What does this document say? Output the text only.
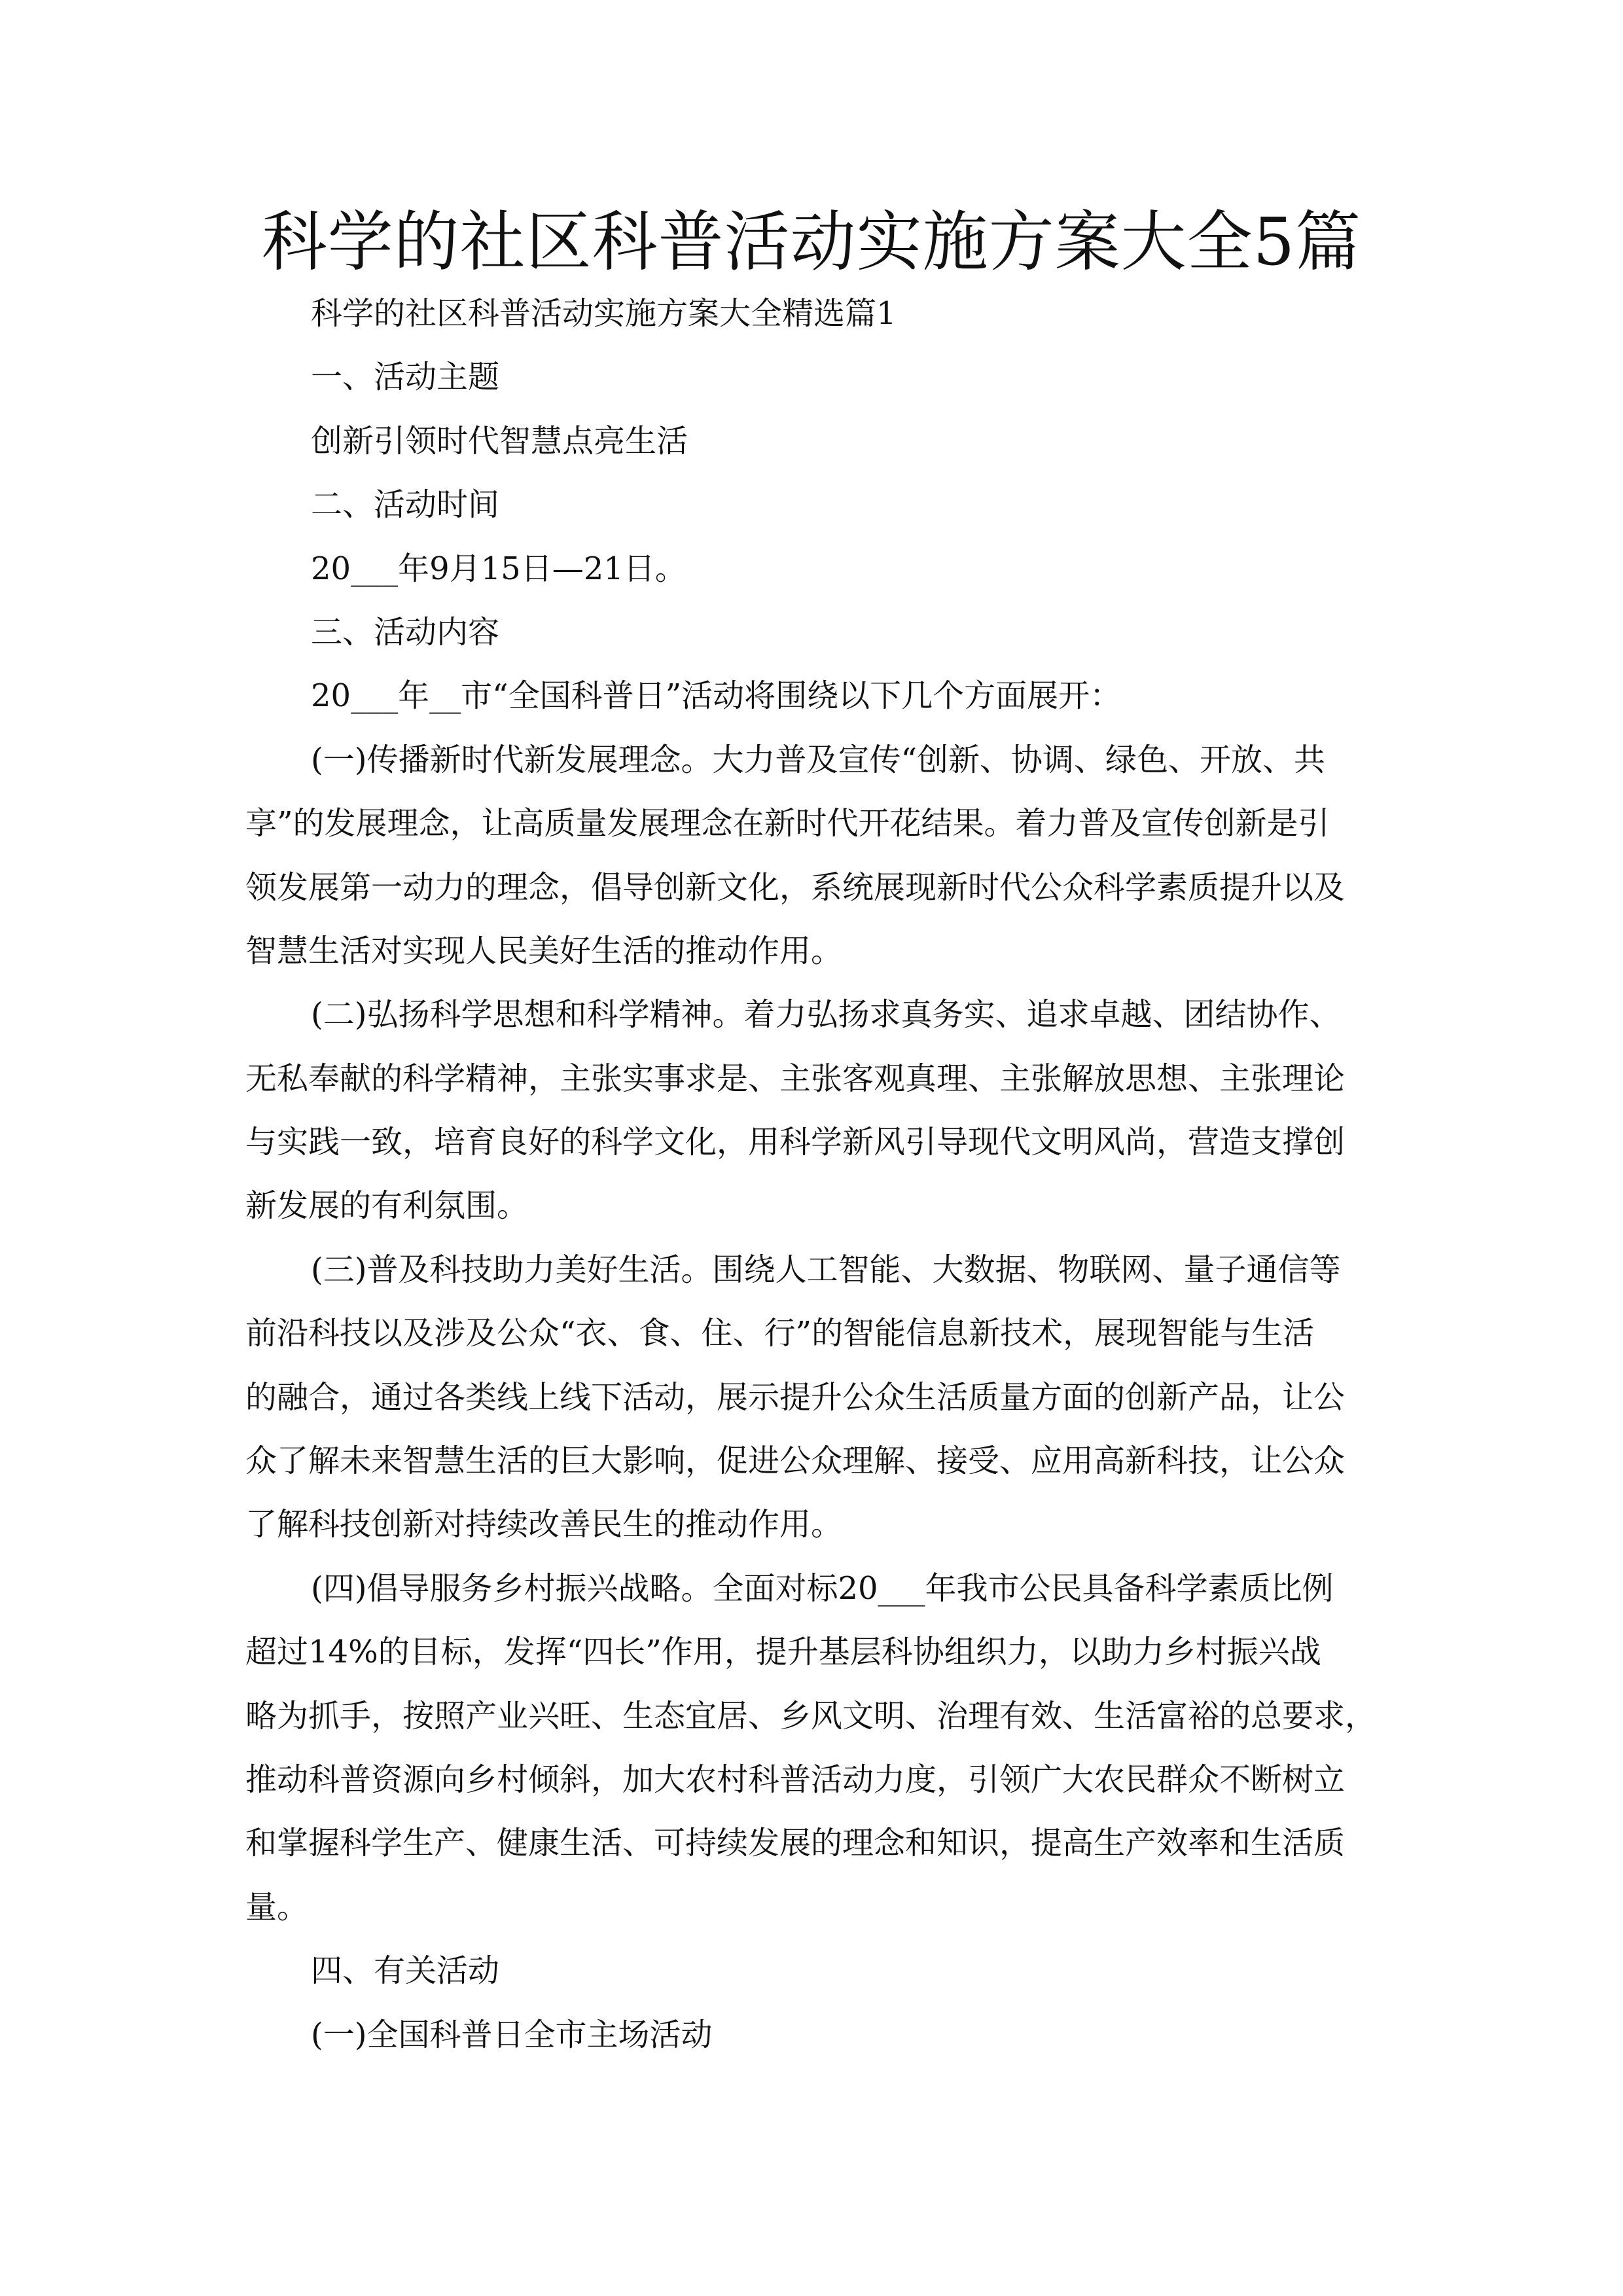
科学的社区科普活动实施方案大全5篇
科学的社区科普活动实施方案大全精选篇1
一、活动主题
创新引领时代智慧点亮生活
二、活动时间
20___年9月15日—21日。
三、活动内容
20___年__市“全国科普日”活动将围绕以下几个方面展开：
(一)传播新时代新发展理念。大力普及宣传“创新、协调、绿色、开放、共
享”的发展理念，让高质量发展理念在新时代开花结果。着力普及宣传创新是引
领发展第一动力的理念，倡导创新文化，系统展现新时代公众科学素质提升以及
智慧生活对实现人民美好生活的推动作用。
(二)弘扬科学思想和科学精神。着力弘扬求真务实、追求卓越、团结协作、
无私奉献的科学精神，主张实事求是、主张客观真理、主张解放思想、主张理论
与实践一致，培育良好的科学文化，用科学新风引导现代文明风尚，营造支撑创
新发展的有利氛围。
(三)普及科技助力美好生活。围绕人工智能、大数据、物联网、量子通信等
前沿科技以及涉及公众“衣、食、住、行”的智能信息新技术，展现智能与生活
的融合，通过各类线上线下活动，展示提升公众生活质量方面的创新产品，让公
众了解未来智慧生活的巨大影响，促进公众理解、接受、应用高新科技，让公众
了解科技创新对持续改善民生的推动作用。
(四)倡导服务乡村振兴战略。全面对标20___年我市公民具备科学素质比例
超过14%的目标，发挥“四长”作用，提升基层科协组织力，以助力乡村振兴战
略为抓手，按照产业兴旺、生态宜居、乡风文明、治理有效、生活富裕的总要求，
推动科普资源向乡村倾斜，加大农村科普活动力度，引领广大农民群众不断树立
和掌握科学生产、健康生活、可持续发展的理念和知识，提高生产效率和生活质
量。
四、有关活动
(一)全国科普日全市主场活动
